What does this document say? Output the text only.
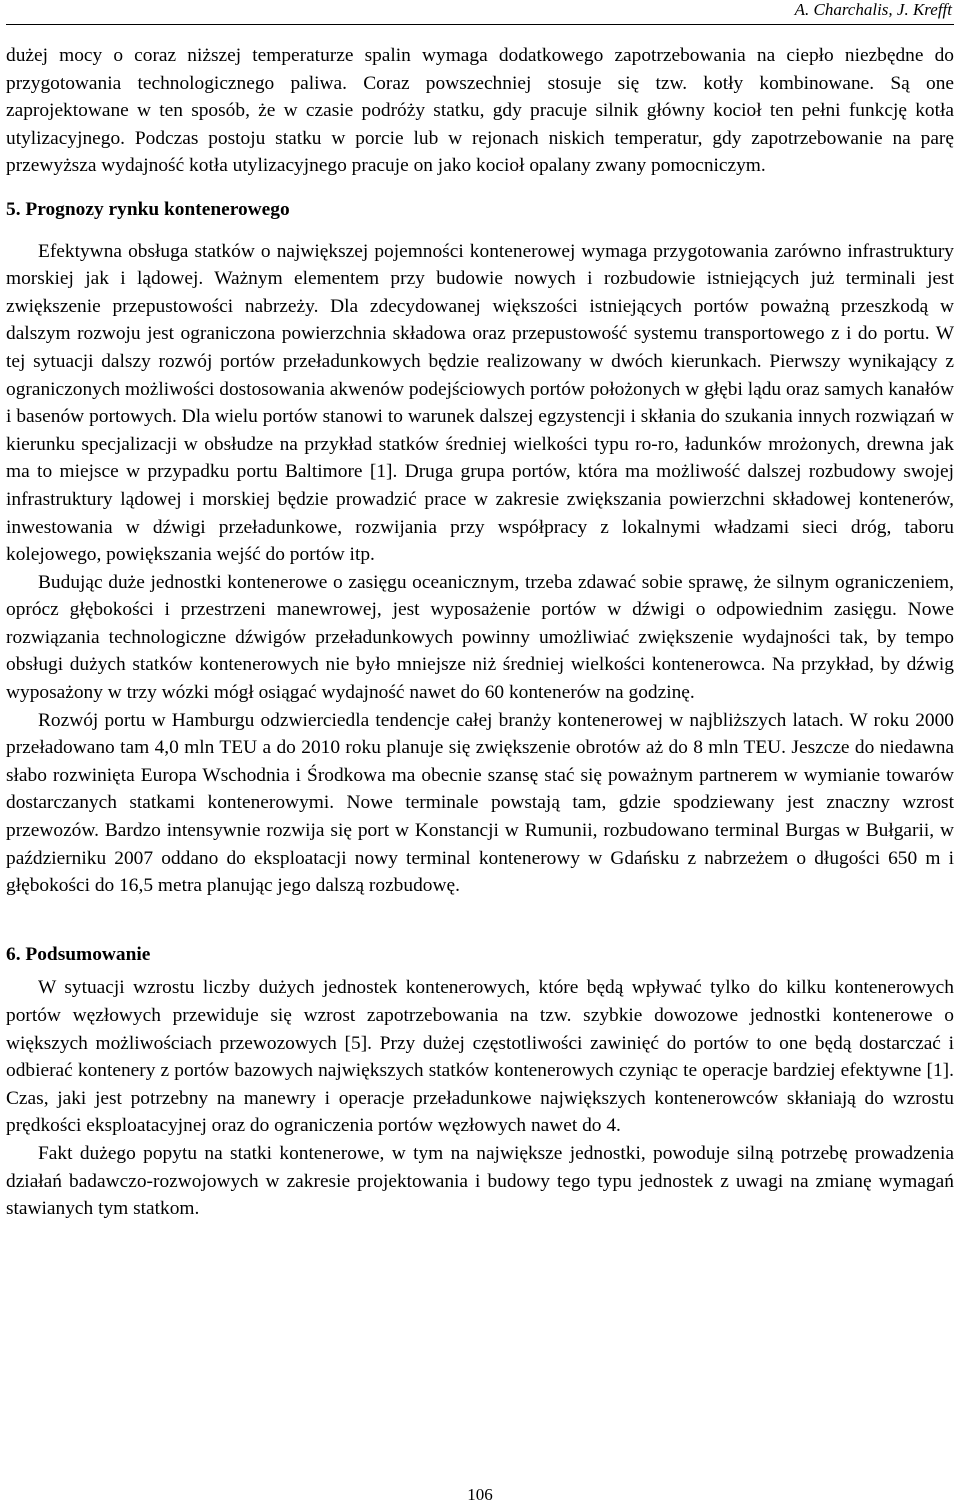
A. Charchalis, J. Krefft

dużej mocy o coraz niższej temperaturze spalin wymaga dodatkowego zapotrzebowania na ciepło niezbędne do przygotowania technologicznego paliwa. Coraz powszechniej stosuje się tzw. kotły kombinowane. Są one zaprojektowane w ten sposób, że w czasie podróży statku, gdy pracuje silnik główny kocioł ten pełni funkcję kotła utylizacyjnego. Podczas postoju statku w porcie lub w rejonach niskich temperatur, gdy zapotrzebowanie na parę przewyższa wydajność kotła utylizacyjnego pracuje on jako kocioł opalany zwany pomocniczym.

5. Prognozy rynku kontenerowego

Efektywna obsługa statków o największej pojemności kontenerowej wymaga przygotowania zarówno infrastruktury morskiej jak i lądowej. Ważnym elementem przy budowie nowych i rozbudowie istniejących już terminali jest zwiększenie przepustowości nabrzeży. Dla zdecydowanej większości istniejących portów poważną przeszkodą w dalszym rozwoju jest ograniczona powierzchnia składowa oraz przepustowość systemu transportowego z i do portu. W tej sytuacji dalszy rozwój portów przeładunkowych będzie realizowany w dwóch kierunkach. Pierwszy wynikający z ograniczonych możliwości dostosowania akwenów podejściowych portów położonych w głębi lądu oraz samych kanałów i basenów portowych. Dla wielu portów stanowi to warunek dalszej egzystencji i skłania do szukania innych rozwiązań w kierunku specjalizacji w obsłudze na przykład statków średniej wielkości typu ro-ro, ładunków mrożonych, drewna jak ma to miejsce w przypadku portu Baltimore [1]. Druga grupa portów, która ma możliwość dalszej rozbudowy swojej infrastruktury lądowej i morskiej będzie prowadzić prace w zakresie zwiększania powierzchni składowej kontenerów, inwestowania w dźwigi przeładunkowe, rozwijania przy współpracy z lokalnymi władzami sieci dróg, taboru kolejowego, powiększania wejść do portów itp.

Budując duże jednostki kontenerowe o zasięgu oceanicznym, trzeba zdawać sobie sprawę, że silnym ograniczeniem, oprócz głębokości i przestrzeni manewrowej, jest wyposażenie portów w dźwigi o odpowiednim zasięgu. Nowe rozwiązania technologiczne dźwigów przeładunkowych powinny umożliwiać zwiększenie wydajności tak, by tempo obsługi dużych statków kontenerowych nie było mniejsze niż średniej wielkości kontenerowca. Na przykład, by dźwig wyposażony w trzy wózki mógł osiągać wydajność nawet do 60 kontenerów na godzinę.

Rozwój portu w Hamburgu odzwierciedla tendencje całej branży kontenerowej w najbliższych latach. W roku 2000 przeładowano tam 4,0 mln TEU a do 2010 roku planuje się zwiększenie obrotów aż do 8 mln TEU. Jeszcze do niedawna słabo rozwinięta Europa Wschodnia i Środkowa ma obecnie szansę stać się poważnym partnerem w wymianie towarów dostarczanych statkami kontenerowymi. Nowe terminale powstają tam, gdzie spodziewany jest znaczny wzrost przewozów. Bardzo intensywnie rozwija się port w Konstancji w Rumunii, rozbudowano terminal Burgas w Bułgarii, w październiku 2007 oddano do eksploatacji nowy terminal kontenerowy w Gdańsku z nabrzeżem o długości 650 m i głębokości do 16,5 metra planując jego dalszą rozbudowę.

6. Podsumowanie

W sytuacji wzrostu liczby dużych jednostek kontenerowych, które będą wpływać tylko do kilku kontenerowych portów węzłowych przewiduje się wzrost zapotrzebowania na tzw. szybkie dowozowe jednostki kontenerowe o większych możliwościach przewozowych [5]. Przy dużej częstotliwości zawinięć do portów to one będą dostarczać i odbierać kontenery z portów bazowych największych statków kontenerowych czyniąc te operacje bardziej efektywne [1]. Czas, jaki jest potrzebny na manewry i operacje przeładunkowe największych kontenerowców skłaniają do wzrostu prędkości eksploatacyjnej oraz do ograniczenia portów węzłowych nawet do 4.

Fakt dużego popytu na statki kontenerowe, w tym na największe jednostki, powoduje silną potrzebę prowadzenia działań badawczo-rozwojowych w zakresie projektowania i budowy tego typu jednostek z uwagi na zmianę wymagań stawianych tym statkom.

106
